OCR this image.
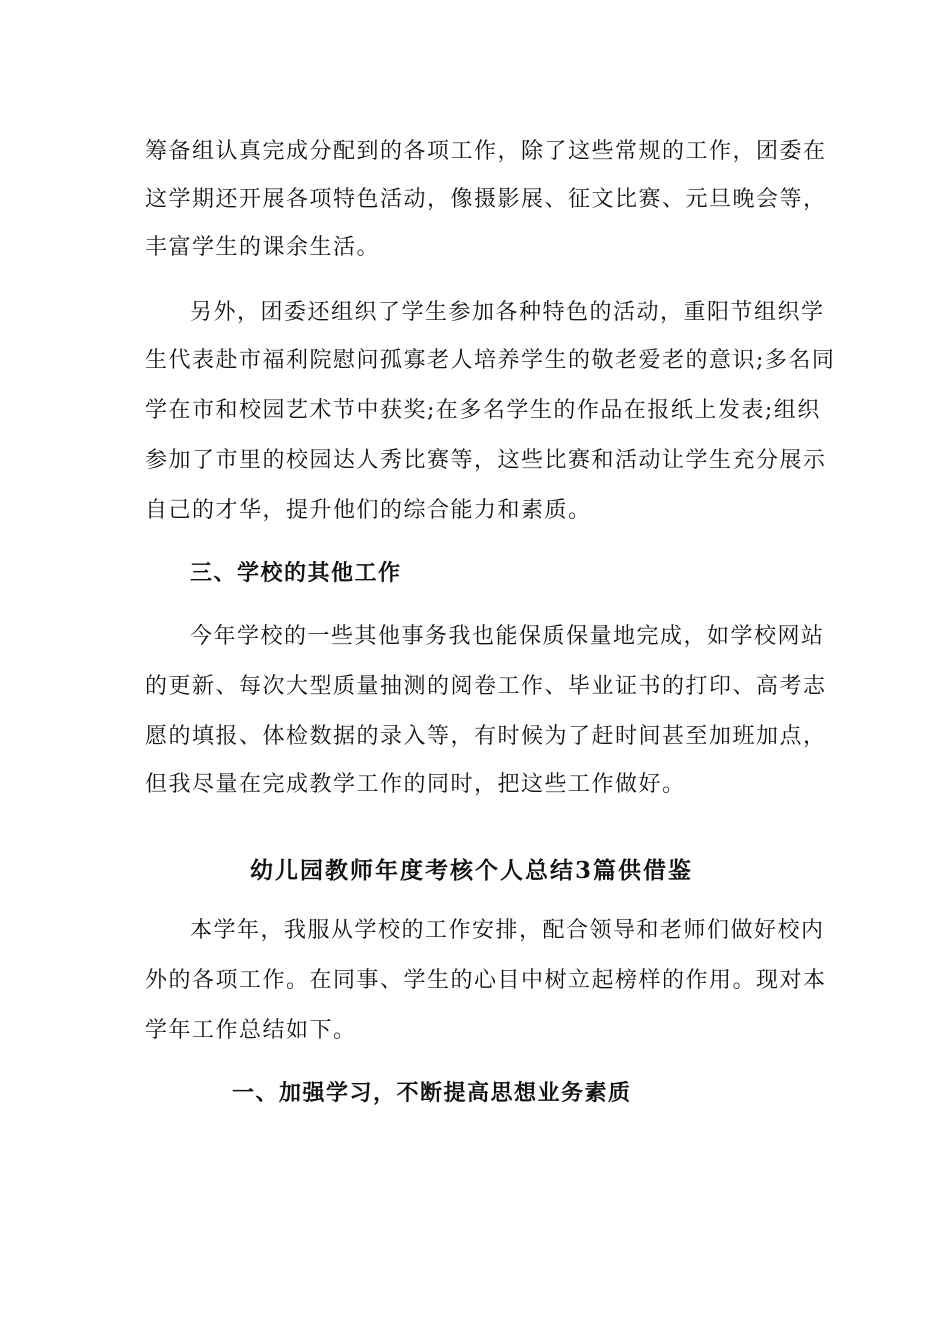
筹备组认真完成分配到的各项工作，除了这些常规的工作，团委在
这学期还开展各项特色活动，像摄影展、征文比赛、元旦晚会等，
丰富学生的课余生活。
另外，团委还组织了学生参加各种特色的活动，重阳节组织学
生代表赴市福利院慰问孤寡老人培养学生的敬老爱老的意识;多名同
学在市和校园艺术节中获奖;在多名学生的作品在报纸上发表;组织
参加了市里的校园达人秀比赛等，这些比赛和活动让学生充分展示
自己的才华，提升他们的综合能力和素质。
三、学校的其他工作
今年学校的一些其他事务我也能保质保量地完成，如学校网站
的更新、每次大型质量抽测的阅卷工作、毕业证书的打印、高考志
愿的填报、体检数据的录入等，有时候为了赶时间甚至加班加点，
但我尽量在完成教学工作的同时，把这些工作做好。
幼儿园教师年度考核个人总结3篇供借鉴
本学年，我服从学校的工作安排，配合领导和老师们做好校内
外的各项工作。在同事、学生的心目中树立起榜样的作用。现对本
学年工作总结如下。
一、加强学习，不断提高思想业务素质
